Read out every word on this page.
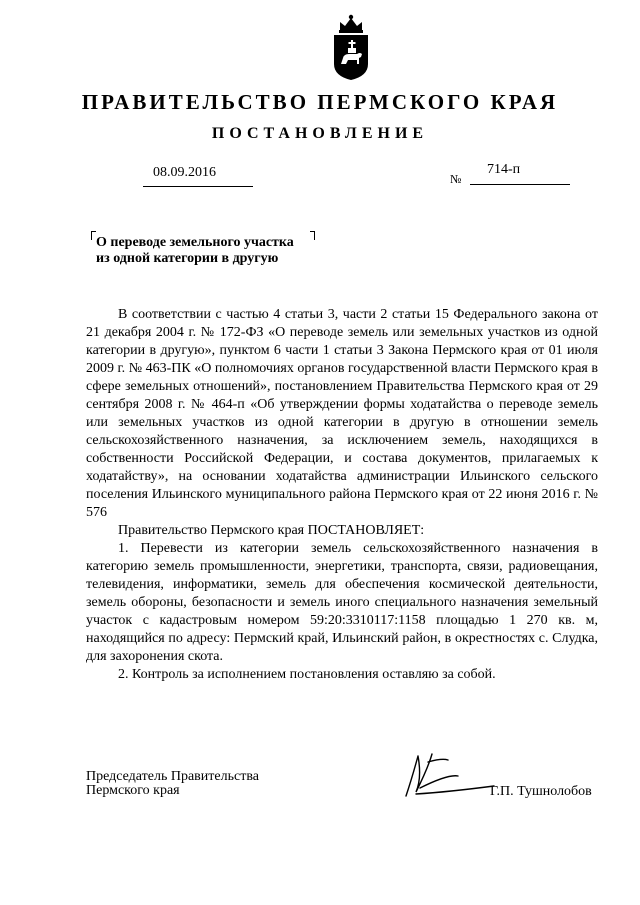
ПРАВИТЕЛЬСТВО ПЕРМСКОГО КРАЯ
ПОСТАНОВЛЕНИЕ
08.09.2016	№
714-п
О переводе земельного участка
из одной категории в другую

В соответствии с частью 4 статьи 3, части 2 статьи 15 Федерального закона от 21 декабря 2004 г. № 172-ФЗ «О переводе земель или земельных участков из одной категории в другую», пунктом 6 части 1 статьи 3 Закона Пермского края от 01 июля 2009 г. № 463-ПК «О полномочиях органов государственной власти Пермского края в сфере земельных отношений», постановлением Правительства Пермского края от 29 сентября 2008 г. № 464-п «Об утверждении формы ходатайства о переводе земель или земельных участков из одной категории в другую в отношении земель сельскохозяйственного назначения, за исключением земель, находящихся в собственности Российской Федерации, и состава документов, прилагаемых к ходатайству», на основании ходатайства администрации Ильинского сельского поселения Ильинского муниципального района Пермского края от 22 июня 2016 г. № 576

Правительство Пермского края ПОСТАНОВЛЯЕТ:

1. Перевести из категории земель сельскохозяйственного назначения в категорию земель промышленности, энергетики, транспорта, связи, радиовещания, телевидения, информатики, земель для обеспечения космической деятельности, земель обороны, безопасности и земель иного специального назначения земельный участок с кадастровым номером 59:20:3310117:1158 площадью 1 270 кв. м, находящийся по адресу: Пермский край, Ильинский район, в окрестностях с. Слудка, для захоронения скота.

2. Контроль за исполнением постановления оставляю за собой.

Председатель Правительства
Пермского края	Г.П. Тушнолобов
